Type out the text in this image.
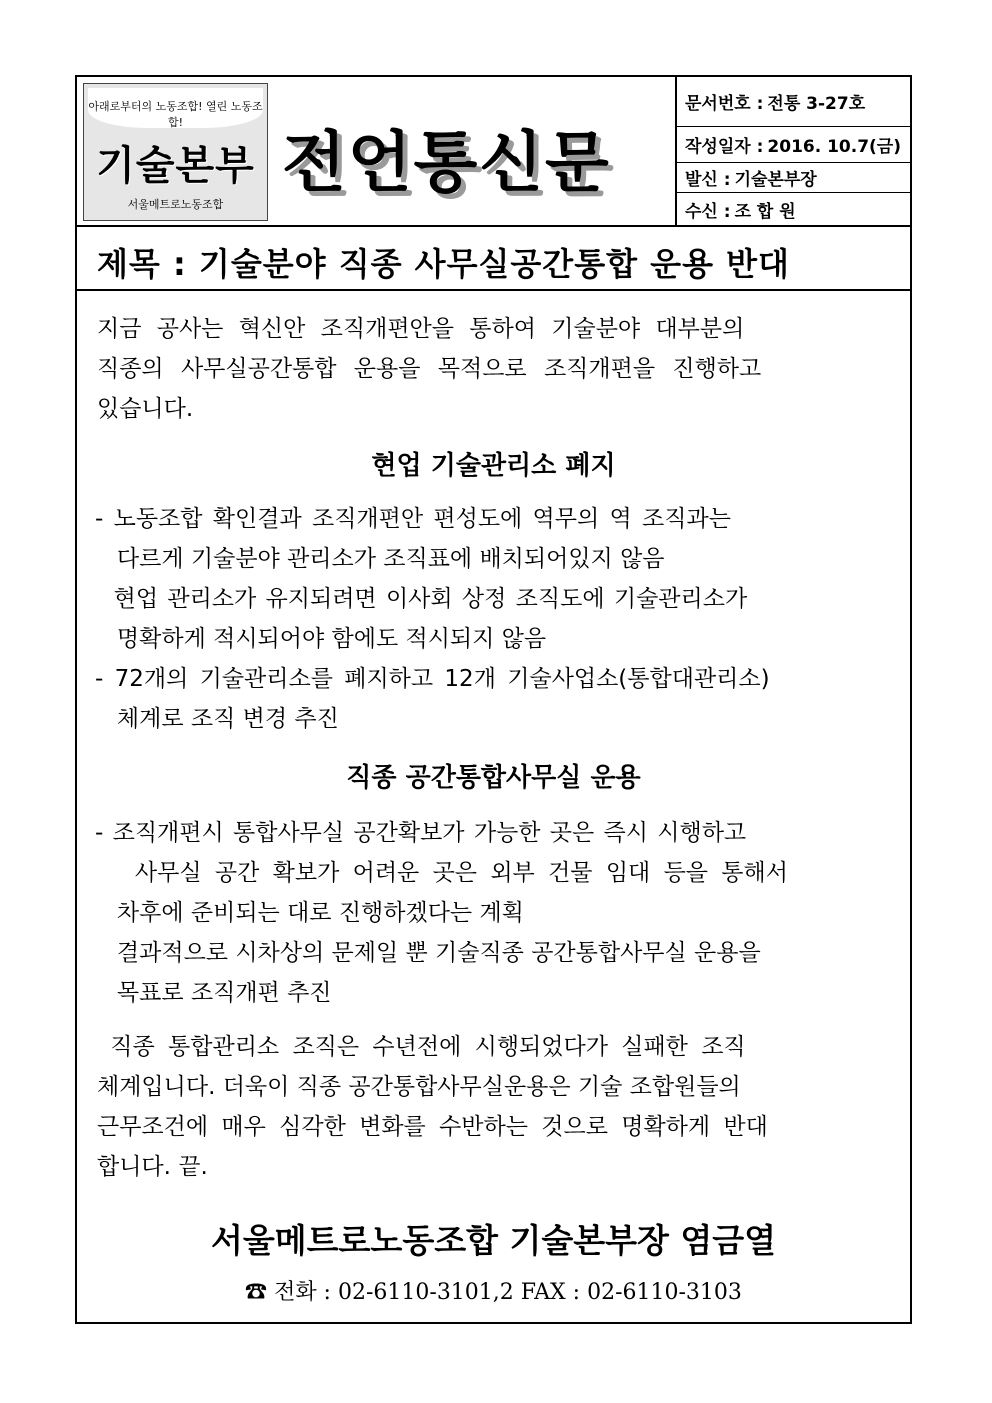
아래로부터의 노동조합! 열린 노동조합!
기술본부
서울메트로노동조합
전언통신문
문서번호 : 전통 3-27호
작성일자 : 2016. 10.7(금)
발신 : 기술본부장
수신 : 조 합 원
제목 : 기술분야 직종 사무실공간통합 운용 반대
지금 공사는 혁신안 조직개편안을 통하여 기술분야 대부분의
직종의 사무실공간통합 운용을 목적으로 조직개편을 진행하고
있습니다.
현업 기술관리소 폐지
- 노동조합 확인결과 조직개편안 편성도에 역무의 역 조직과는
다르게 기술분야 관리소가 조직표에 배치되어있지 않음
현업 관리소가 유지되려면 이사회 상정 조직도에 기술관리소가
명확하게 적시되어야 함에도 적시되지 않음
- 72개의 기술관리소를 폐지하고 12개 기술사업소(통합대관리소)
체계로 조직 변경 추진
직종 공간통합사무실 운용
- 조직개편시 통합사무실 공간확보가 가능한 곳은 즉시 시행하고
사무실 공간 확보가 어려운 곳은 외부 건물 임대 등을 통해서
차후에 준비되는 대로 진행하겠다는 계획
결과적으로 시차상의 문제일 뿐 기술직종 공간통합사무실 운용을
목표로 조직개편 추진
직종 통합관리소 조직은 수년전에 시행되었다가 실패한 조직
체계입니다. 더욱이 직종 공간통합사무실운용은 기술 조합원들의
근무조건에 매우 심각한 변화를 수반하는 것으로 명확하게 반대
합니다. 끝.
서울메트로노동조합 기술본부장 염금열
☎ 전화 : 02-6110-3101,2 FAX : 02-6110-3103
